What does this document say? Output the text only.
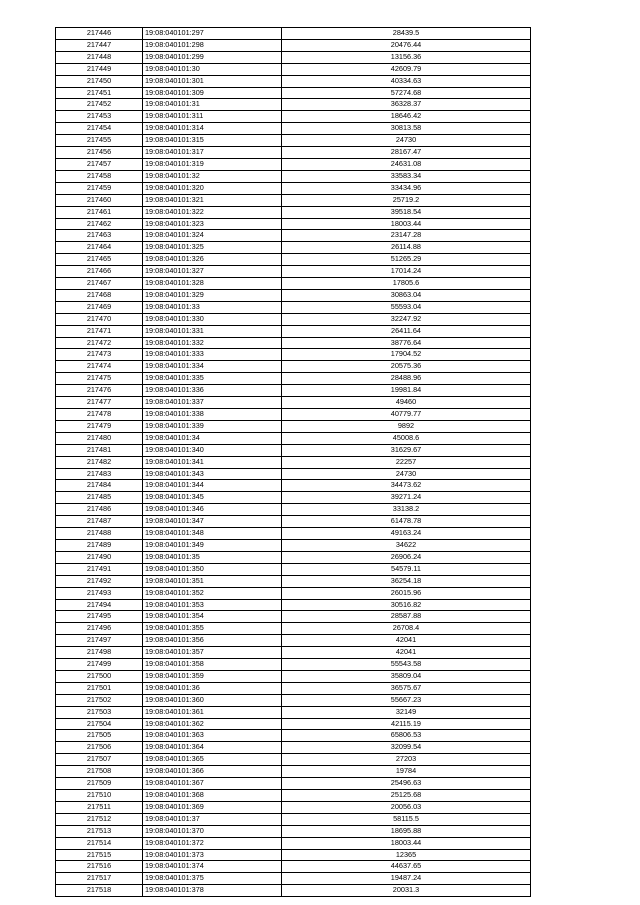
217446	19:08:040101:297	28439.5
217447	19:08:040101:298	20476.44
217448	19:08:040101:299	13156.36
217449	19:08:040101:30	42609.79
217450	19:08:040101:301	40334.63
217451	19:08:040101:309	57274.68
217452	19:08:040101:31	36328.37
217453	19:08:040101:311	18646.42
217454	19:08:040101:314	30813.58
217455	19:08:040101:315	24730
217456	19:08:040101:317	28167.47
217457	19:08:040101:319	24631.08
217458	19:08:040101:32	33583.34
217459	19:08:040101:320	33434.96
217460	19:08:040101:321	25719.2
217461	19:08:040101:322	39518.54
217462	19:08:040101:323	18003.44
217463	19:08:040101:324	23147.28
217464	19:08:040101:325	26114.88
217465	19:08:040101:326	51265.29
217466	19:08:040101:327	17014.24
217467	19:08:040101:328	17805.6
217468	19:08:040101:329	30863.04
217469	19:08:040101:33	55593.04
217470	19:08:040101:330	32247.92
217471	19:08:040101:331	26411.64
217472	19:08:040101:332	38776.64
217473	19:08:040101:333	17904.52
217474	19:08:040101:334	20575.36
217475	19:08:040101:335	28488.96
217476	19:08:040101:336	19981.84
217477	19:08:040101:337	49460
217478	19:08:040101:338	40779.77
217479	19:08:040101:339	9892
217480	19:08:040101:34	45008.6
217481	19:08:040101:340	31629.67
217482	19:08:040101:341	22257
217483	19:08:040101:343	24730
217484	19:08:040101:344	34473.62
217485	19:08:040101:345	39271.24
217486	19:08:040101:346	33138.2
217487	19:08:040101:347	61478.78
217488	19:08:040101:348	49163.24
217489	19:08:040101:349	34622
217490	19:08:040101:35	26906.24
217491	19:08:040101:350	54579.11
217492	19:08:040101:351	36254.18
217493	19:08:040101:352	26015.96
217494	19:08:040101:353	30516.82
217495	19:08:040101:354	28587.88
217496	19:08:040101:355	26708.4
217497	19:08:040101:356	42041
217498	19:08:040101:357	42041
217499	19:08:040101:358	55543.58
217500	19:08:040101:359	35809.04
217501	19:08:040101:36	36575.67
217502	19:08:040101:360	55667.23
217503	19:08:040101:361	32149
217504	19:08:040101:362	42115.19
217505	19:08:040101:363	65806.53
217506	19:08:040101:364	32099.54
217507	19:08:040101:365	27203
217508	19:08:040101:366	19784
217509	19:08:040101:367	25496.63
217510	19:08:040101:368	25125.68
217511	19:08:040101:369	20056.03
217512	19:08:040101:37	58115.5
217513	19:08:040101:370	18695.88
217514	19:08:040101:372	18003.44
217515	19:08:040101:373	12365
217516	19:08:040101:374	44637.65
217517	19:08:040101:375	19487.24
217518	19:08:040101:378	20031.3
